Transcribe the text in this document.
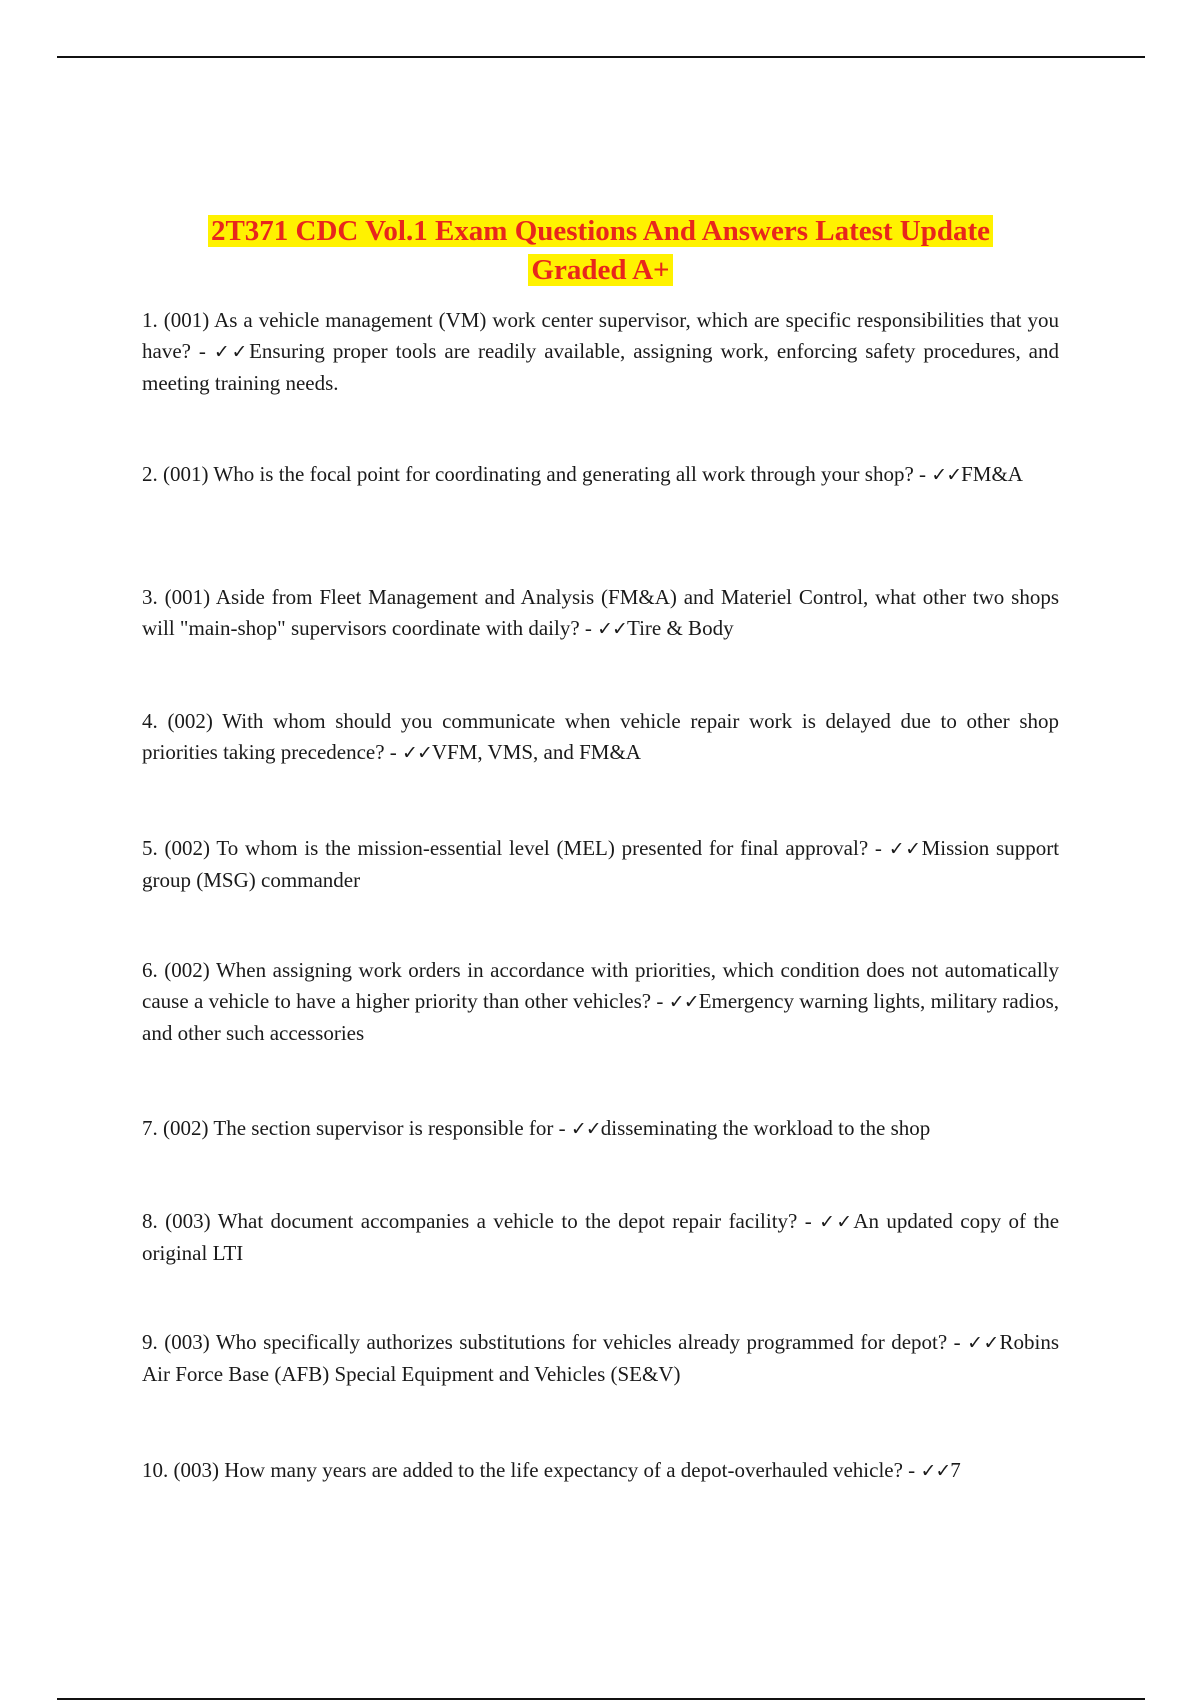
2T371 CDC Vol.1 Exam Questions And Answers Latest Update
Graded A+

1. (001) As a vehicle management (VM) work center supervisor, which are specific responsibilities that you have? - ✓✓Ensuring proper tools are readily available, assigning work, enforcing safety procedures, and meeting training needs.

2. (001) Who is the focal point for coordinating and generating all work through your shop? - ✓✓FM&A

3. (001) Aside from Fleet Management and Analysis (FM&A) and Materiel Control, what other two shops will "main-shop" supervisors coordinate with daily? - ✓✓Tire & Body

4. (002) With whom should you communicate when vehicle repair work is delayed due to other shop priorities taking precedence? - ✓✓VFM, VMS, and FM&A

5. (002) To whom is the mission-essential level (MEL) presented for final approval? - ✓✓Mission support group (MSG) commander

6. (002) When assigning work orders in accordance with priorities, which condition does not automatically cause a vehicle to have a higher priority than other vehicles? - ✓✓Emergency warning lights, military radios, and other such accessories

7. (002) The section supervisor is responsible for - ✓✓disseminating the workload to the shop

8. (003) What document accompanies a vehicle to the depot repair facility? - ✓✓An updated copy of the original LTI

9. (003) Who specifically authorizes substitutions for vehicles already programmed for depot? - ✓✓Robins Air Force Base (AFB) Special Equipment and Vehicles (SE&V)

10. (003) How many years are added to the life expectancy of a depot-overhauled vehicle? - ✓✓7
